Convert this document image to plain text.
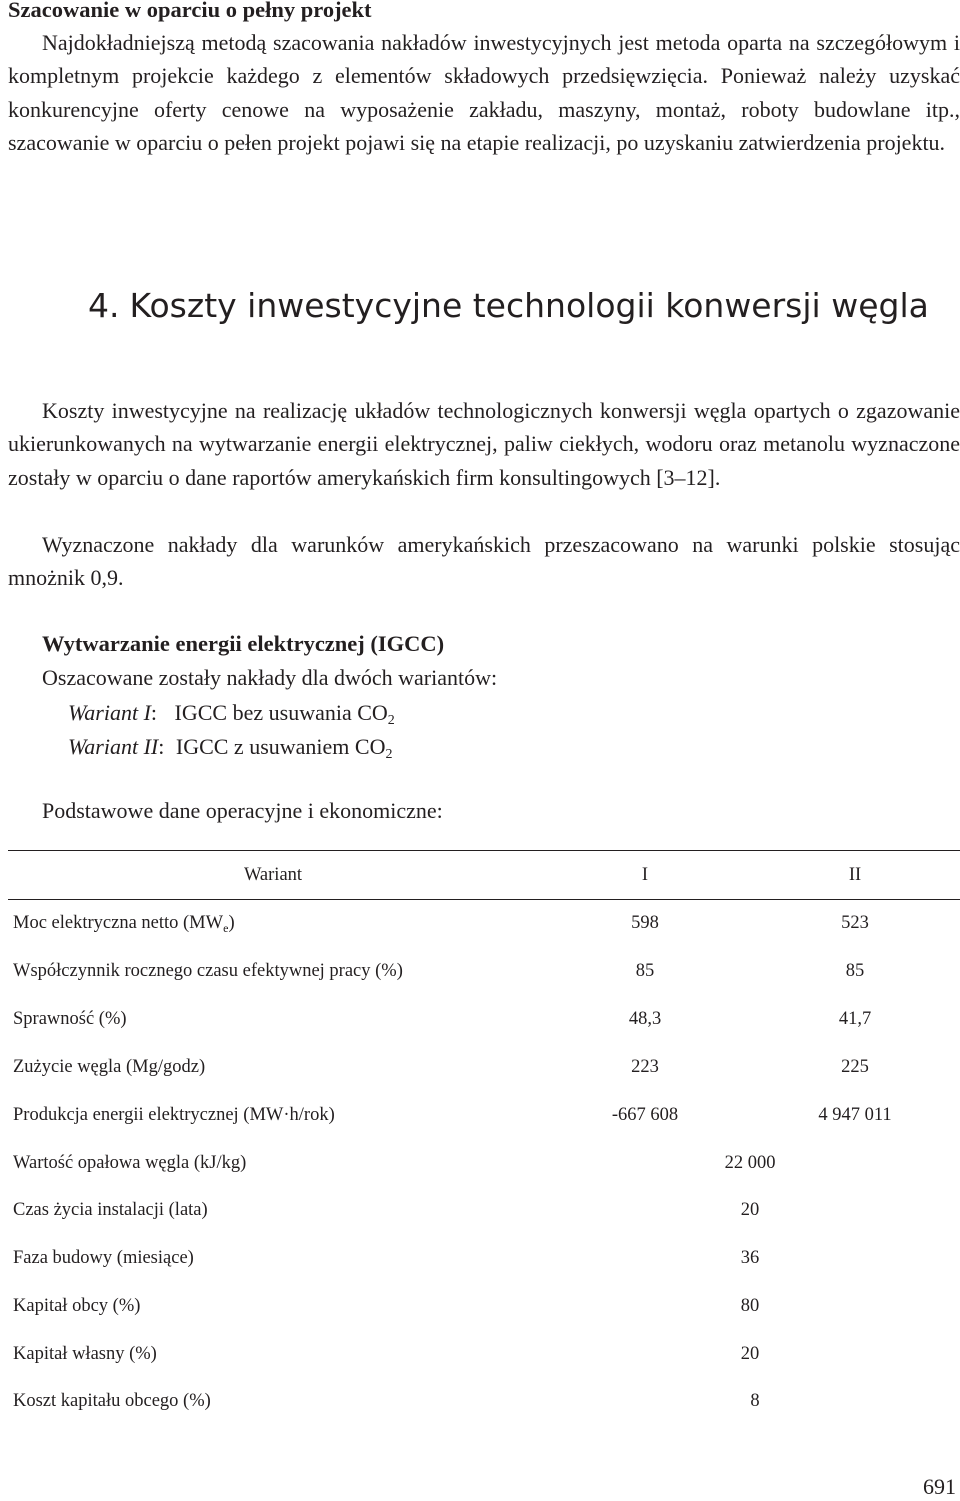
Szacowanie w oparciu o pełny projekt

Najdokładniejszą metodą szacowania nakładów inwestycyjnych jest metoda oparta na szczegółowym i kompletnym projekcie każdego z elementów składowych przedsięwzięcia. Ponieważ należy uzyskać konkurencyjne oferty cenowe na wyposażenie zakładu, maszyny, montaż, roboty budowlane itp., szacowanie w oparciu o pełen projekt pojawi się na etapie realizacji, po uzyskaniu zatwierdzenia projektu.

4. Koszty inwestycyjne technologii konwersji węgla

Koszty inwestycyjne na realizację układów technologicznych konwersji węgla opartych o zgazowanie ukierunkowanych na wytwarzanie energii elektrycznej, paliw ciekłych, wodoru oraz metanolu wyznaczone zostały w oparciu o dane raportów amerykańskich firm konsultingowych [3–12].

Wyznaczone nakłady dla warunków amerykańskich przeszacowano na warunki polskie stosując mnożnik 0,9.

Wytwarzanie energii elektrycznej (IGCC)
Oszacowane zostały nakłady dla dwóch wariantów:
Wariant I: IGCC bez usuwania $CO_2$
Wariant II: IGCC z usuwaniem $CO_2$
Podstawowe dane operacyjne i ekonomiczne:
Wariant	I	II
Moc elektryczna netto $(MW_e)$	598	523
Współczynnik rocznego czasu efektywnej pracy (%)	85	85
Sprawność (%)	48,3	41,7
Zużycie węgla (Mg/godz)	223	225
Produkcja energii elektrycznej (MW·h/rok)	-667 608	4 947 011
Wartość opałowa węgla (kJ/kg)	22 000
Czas życia instalacji (lata)	20
Faza budowy (miesiące)	36
Kapitał obcy (%)	80
Kapitał własny (%)	20
Koszt kapitału obcego (%)	8
691
